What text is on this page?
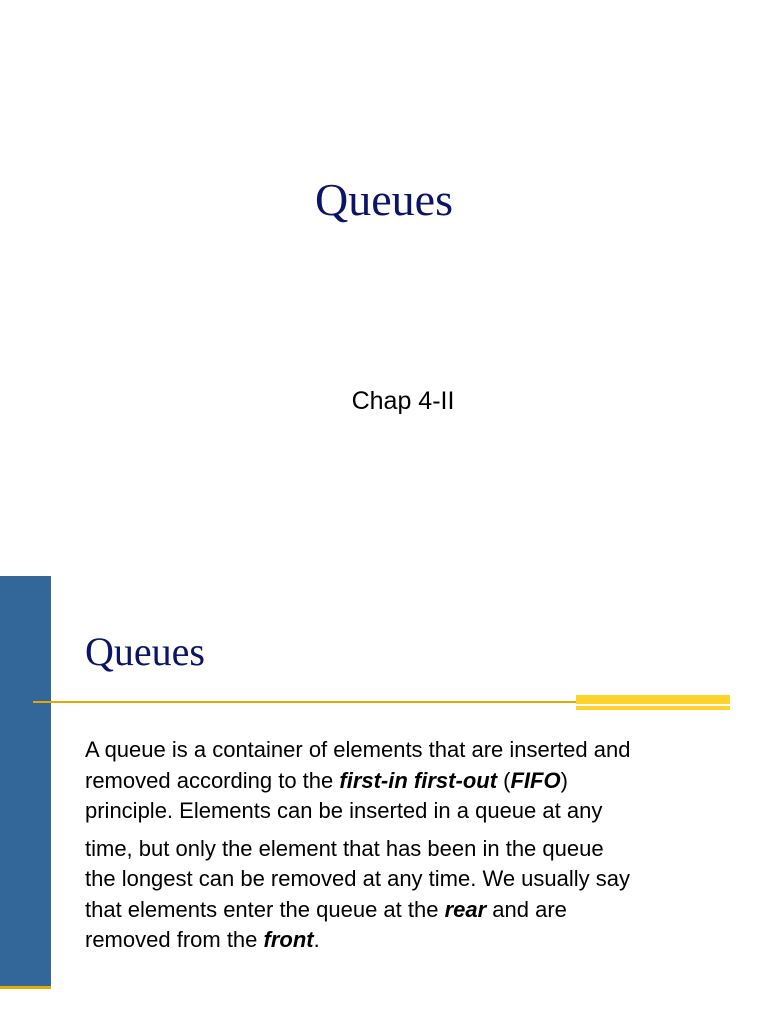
Queues
Chap 4-II
Queues
A queue is a container of elements that are inserted and
removed according to the first-in first-out (FIFO)
principle. Elements can be inserted in a queue at any
time, but only the element that has been in the queue
the longest can be removed at any time. We usually say
that elements enter the queue at the rear and are
removed from the front.
